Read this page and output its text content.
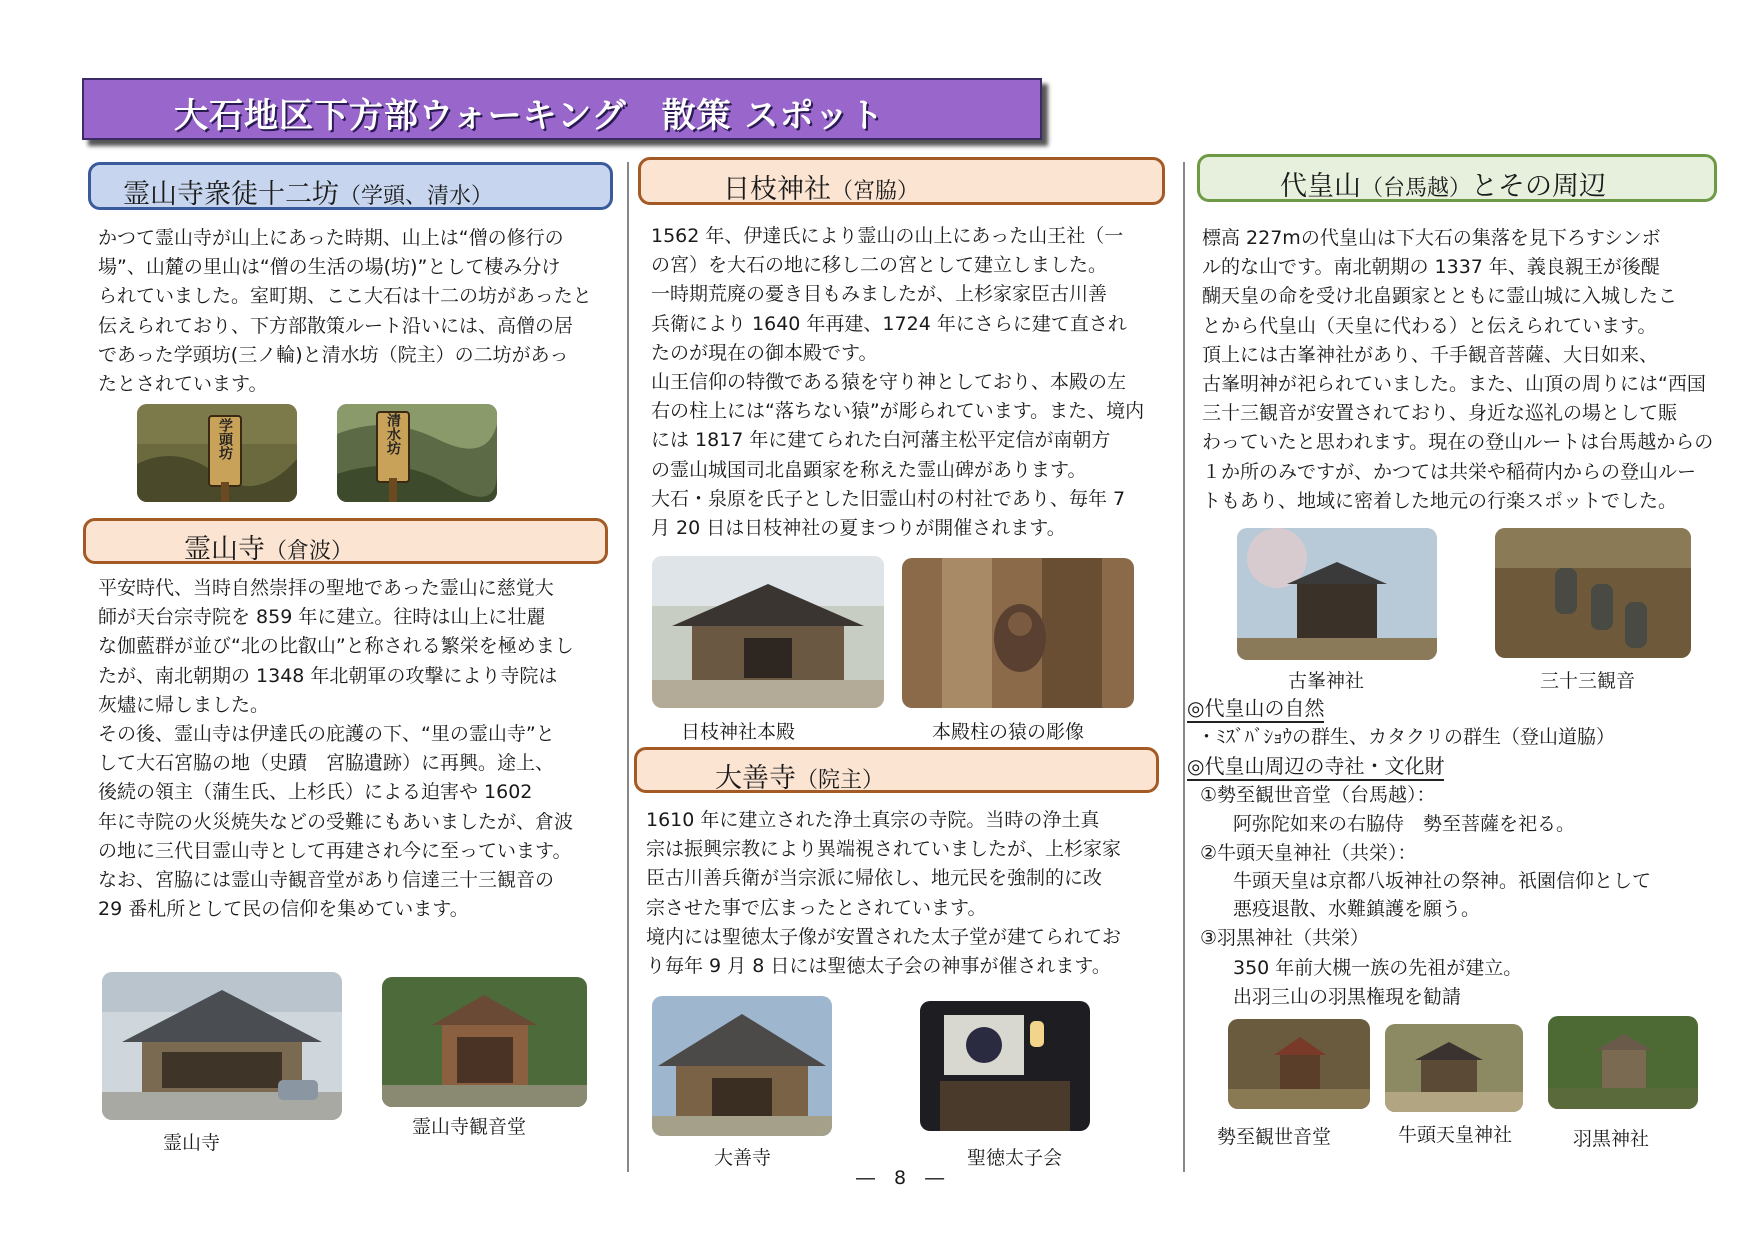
大石地区下方部ウォーキング　散策 スポット
霊山寺衆徒十二坊（学頭、清水）
かつて霊山寺が山上にあった時期、山上は“僧の修行の
場”、山麓の里山は“僧の生活の場(坊)”として棲み分け
られていました。室町期、ここ大石は十二の坊があったと
伝えられており、下方部散策ルート沿いには、高僧の居
であった学頭坊(三ノ輪)と清水坊（院主）の二坊があっ
たとされています。
学頭坊	清水坊
霊山寺（倉波）
平安時代、当時自然崇拝の聖地であった霊山に慈覚大
師が天台宗寺院を 859 年に建立。往時は山上に壮麗
な伽藍群が並び“北の比叡山”と称される繁栄を極めまし
たが、南北朝期の 1348 年北朝軍の攻撃により寺院は
灰燼に帰しました。
その後、霊山寺は伊達氏の庇護の下、“里の霊山寺”と
して大石宮脇の地（史蹟　宮脇遺跡）に再興。途上、
後続の領主（蒲生氏、上杉氏）による迫害や 1602
年に寺院の火災焼失などの受難にもあいましたが、倉波
の地に三代目霊山寺として再建され今に至っています。
なお、宮脇には霊山寺観音堂があり信達三十三観音の
29 番札所として民の信仰を集めています。
霊山寺
霊山寺観音堂
日枝神社（宮脇）
1562 年、伊達氏により霊山の山上にあった山王社（一
の宮）を大石の地に移し二の宮として建立しました。
一時期荒廃の憂き目もみましたが、上杉家家臣古川善
兵衛により 1640 年再建、1724 年にさらに建て直され
たのが現在の御本殿です。
山王信仰の特徴である猿を守り神としており、本殿の左
右の柱上には“落ちない猿”が彫られています。また、境内
には 1817 年に建てられた白河藩主松平定信が南朝方
の霊山城国司北畠顕家を称えた霊山碑があります。
大石・泉原を氏子とした旧霊山村の村社であり、毎年 7
月 20 日は日枝神社の夏まつりが開催されます。
日枝神社本殿	本殿柱の猿の彫像
大善寺（院主）
1610 年に建立された浄土真宗の寺院。当時の浄土真
宗は振興宗教により異端視されていましたが、上杉家家
臣古川善兵衛が当宗派に帰依し、地元民を強制的に改
宗させた事で広まったとされています。
境内には聖徳太子像が安置された太子堂が建てられてお
り毎年 9 月 8 日には聖徳太子会の神事が催されます。
大善寺	聖徳太子会
―　8　―
代皇山（台馬越）とその周辺
標高 227mの代皇山は下大石の集落を見下ろすシンボ
ル的な山です。南北朝期の 1337 年、義良親王が後醍
醐天皇の命を受け北畠顕家とともに霊山城に入城したこ
とから代皇山（天皇に代わる）と伝えられています。
頂上には古峯神社があり、千手観音菩薩、大日如来、
古峯明神が祀られていました。また、山頂の周りには“西国
三十三観音が安置されており、身近な巡礼の場として賑
わっていたと思われます。現在の登山ルートは台馬越からの
１か所のみですが、かつては共栄や稲荷内からの登山ルー
トもあり、地域に密着した地元の行楽スポットでした。
古峯神社	三十三観音
◎代皇山の自然
・ﾐｽﾞﾊﾞｼｮｳの群生、カタクリの群生（登山道脇）
◎代皇山周辺の寺社・文化財
①勢至観世音堂（台馬越）：
阿弥陀如来の右脇侍　勢至菩薩を祀る。
②牛頭天皇神社（共栄）：
牛頭天皇は京都八坂神社の祭神。祇園信仰として
悪疫退散、水難鎮護を願う。
③羽黒神社（共栄）
350 年前大槻一族の先祖が建立。
出羽三山の羽黒権現を勧請
勢至観世音堂	牛頭天皇神社	羽黒神社
